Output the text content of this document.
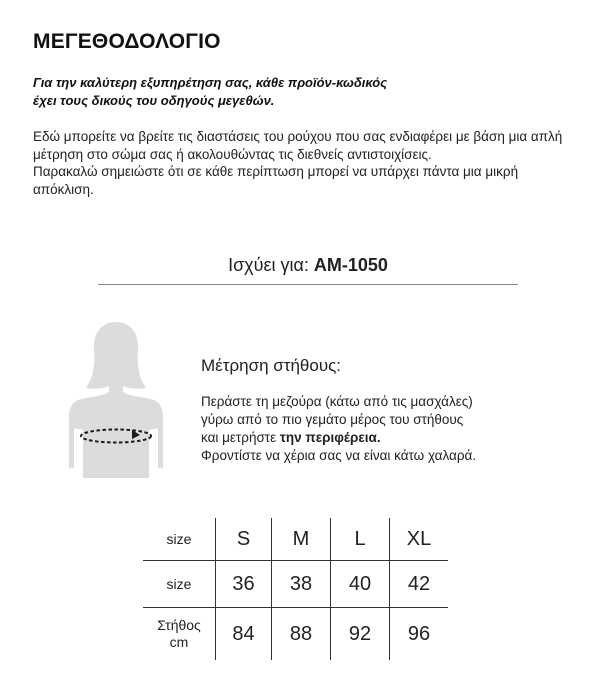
ΜΕΓΕΘΟΔΟΛΟΓΙΟ
Για την καλύτερη εξυπηρέτηση σας, κάθε προϊόν-κωδικός
έχει τους δικούς του οδηγούς μεγεθών.

Εδώ μπορείτε να βρείτε τις διαστάσεις του ρούχου που σας ενδιαφέρει με βάση μια απλή μέτρηση στο σώμα σας ή ακολουθώντας τις διεθνείς αντιστοιχίσεις.

Παρακαλώ σημειώστε ότι σε κάθε περίπτωση μπορεί να υπάρχει πάντα μια μικρή απόκλιση.

Ισχύει για: AM-1050
Μέτρηση στήθους:
Περάστε τη μεζούρα (κάτω από τις μασχάλες)
γύρω από το πιο γεμάτο μέρος του στήθους
και μετρήστε την περιφέρεια.
Φροντίστε να χέρια σας να είναι κάτω χαλαρά.
size	S	M	L	XL
size	36	38	40	42

Στήθος
cm	84	88	92	96
